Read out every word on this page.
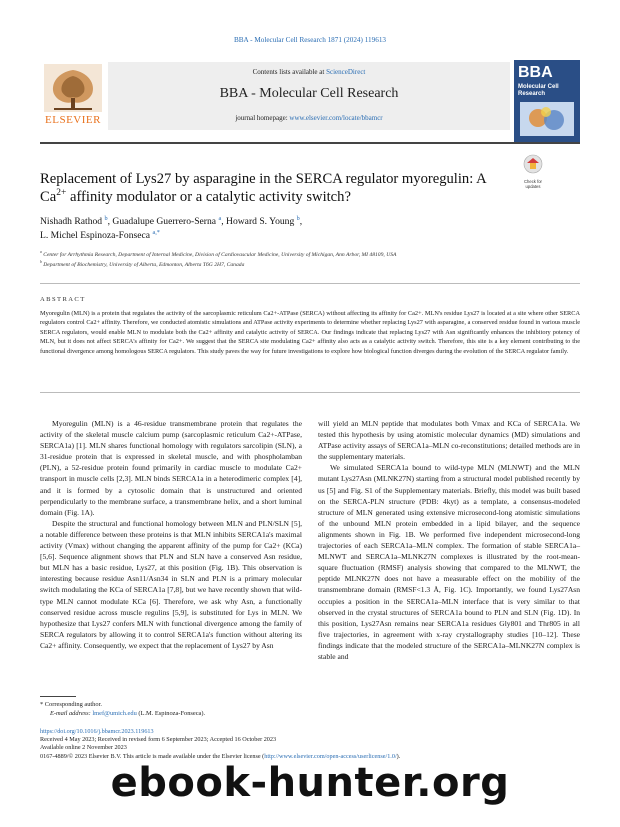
BBA - Molecular Cell Research 1871 (2024) 119613
ELSEVIER
Contents lists available at ScienceDirect
BBA - Molecular Cell Research
journal homepage: www.elsevier.com/locate/bbamcr
BBA
Molecular Cell
Research
Replacement of Lys27 by asparagine in the SERCA regulator myoregulin: A
$Ca^{2+}$ affinity modulator or a catalytic activity switch?
Check for
updates
Nishadh Rathod $^b$, Guadalupe Guerrero-Serna $^a$, Howard S. Young $^b$,
L. Michel Espinoza-Fonseca $^{a,*}$
$^a$ Center for Arrhythmia Research, Department of Internal Medicine, Division of Cardiovascular Medicine, University of Michigan, Ann Arbor, MI 48109, USA
$^b$ Department of Biochemistry, University of Alberta, Edmonton, Alberta T6G 2H7, Canada
ABSTRACT
Myoregulin (MLN) is a protein that regulates the activity of the sarcoplasmic reticulum Ca2+-ATPase (SERCA) without affecting its affinity for Ca2+. MLN's residue Lys27 is located at a site where other SERCA regulators control Ca2+ affinity. Therefore, we conducted atomistic simulations and ATPase activity experiments to determine whether replacing Lys27 with asparagine, a conserved residue found in various muscle SERCA regulators, would enable MLN to modulate both the Ca2+ affinity and catalytic activity of SERCA. Our findings indicate that replacing Lys27 with Asn significantly enhances the inhibitory potency of MLN, but it does not affect SERCA's affinity for Ca2+. We suggest that the SERCA site modulating Ca2+ affinity also acts as a catalytic activity switch. Therefore, this site is a key element contributing to the functional divergence among homologous SERCA regulators. This study paves the way for future investigations to explore how biological function diverges during the evolution of the SERCA regulator family.

Myoregulin (MLN) is a 46-residue transmembrane protein that regulates the activity of the skeletal muscle calcium pump (sarcoplasmic reticulum Ca2+-ATPase, SERCA1a) [1]. MLN shares functional homology with regulators sarcolipin (SLN), a 31-residue protein that is expressed in skeletal muscle, and with phospholamban (PLN), a 52-residue protein found primarily in cardiac muscle to modulate Ca2+ transport in muscle cells [2,3]. MLN binds SERCA1a in a heterodimeric complex [4], and it is formed by a cytosolic domain that is unstructured and oriented perpendicularly to the membrane surface, a transmembrane helix, and a short luminal domain (Fig. 1A).

Despite the structural and functional homology between MLN and PLN/SLN [5], a notable difference between these proteins is that MLN inhibits SERCA1a's maximal activity (Vmax) without changing the apparent affinity of the pump for Ca2+ (KCa) [5,6]. Sequence alignment shows that PLN and SLN have a conserved Asn residue, but MLN has a basic residue, Lys27, at this position (Fig. 1B). This observation is interesting because residue Asn11/Asn34 in SLN and PLN is a primary molecular switch modulating the KCa of SERCA1a [7,8], but we have recently shown that wild-type MLN cannot modulate KCa [6]. Therefore, we ask why Asn, a functionally conserved residue across muscle regulins [5,9], is substituted for Lys in MLN. We hypothesize that Lys27 confers MLN with functional divergence among the family of SERCA regulators by allowing it to control SERCA1a's function without altering its Ca2+ affinity. Consequently, we expect that the replacement of Lys27 by Asn

will yield an MLN peptide that modulates both Vmax and KCa of SERCA1a. We tested this hypothesis by using atomistic molecular dynamics (MD) simulations and ATPase activity assays of SERCA1a–MLN co-reconstitutions; detailed methods are in the supplementary materials.

We simulated SERCA1a bound to wild-type MLN (MLNWT) and the MLN mutant Lys27Asn (MLNK27N) starting from a structural model published recently by us [5] and Fig. S1 of the Supplementary materials. Briefly, this model was built based on the SERCA-PLN structure (PDB: 4kyt) as a template, a consensus-modeled structure of MLN generated using extensive microsecond-long atomistic simulations of the unbound MLN protein embedded in a lipid bilayer, and the sequence alignments shown in Fig. 1B. We performed five independent microsecond-long trajectories of each SERCA1a–MLN complex. The formation of stable SERCA1a–MLNWT and SERCA1a–MLNK27N complexes is illustrated by the root-mean-square fluctuation (RMSF) analysis showing that compared to the MLNWT, the peptide MLNK27N does not have a measurable effect on the mobility of the transmembrane domain (RMSF<1.3 Å, Fig. 1C). Importantly, we found Lys27Asn occupies a position in the SERCA1a–MLN interface that is very similar to that observed in the crystal structures of SERCA1a bound to PLN and SLN (Fig. 1D). In this position, Lys27Asn remains near SERCA1a residues Gly801 and Thr805 in all five trajectories, in agreement with x-ray crystallography studies [10–12]. These findings indicate that the modeled structure of the SERCA1a–MLNK27N complex is stable and

* Corresponding author.
E-mail address: lmef@umich.edu (L.M. Espinoza-Fonseca).
https://doi.org/10.1016/j.bbamcr.2023.119613
Received 4 May 2023; Received in revised form 6 September 2023; Accepted 16 October 2023
Available online 2 November 2023
0167-4889/© 2023 Elsevier B.V. This article is made available under the Elsevier license (http://www.elsevier.com/open-access/userlicense/1.0/).
ebook-hunter.org
